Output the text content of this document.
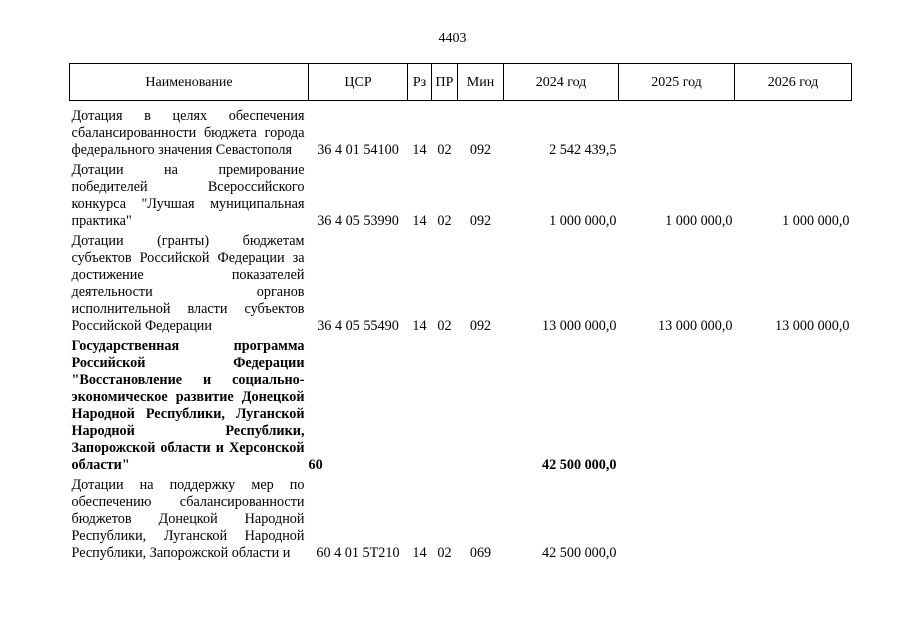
4403
Наименование	ЦСР	Рз	ПР	Мин	2024 год	2025 год	2026 год
Дотация в целях обеспечения сбалансированности бюджета города федерального значения Севастополя	36 4 01 54100	14	02	092	2 542 439,5		
Дотации на премирование победителей Всероссийского конкурса "Лучшая муниципальная практика"	36 4 05 53990	14	02	092	1 000 000,0	1 000 000,0	1 000 000,0
Дотации (гранты) бюджетам субъектов Российской Федерации за достижение показателей деятельности органов исполнительной власти субъектов Российской Федерации	36 4 05 55490	14	02	092	13 000 000,0	13 000 000,0	13 000 000,0
Государственная программа Российской Федерации "Восстановление и социально-экономическое развитие Донецкой Народной Республики, Луганской Народной Республики, Запорожской области и Херсонской области"	60				42 500 000,0		
Дотации на поддержку мер по обеспечению сбалансированности бюджетов Донецкой Народной Республики, Луганской Народной Республики, Запорожской области и	60 4 01 5Т210	14	02	069	42 500 000,0		
